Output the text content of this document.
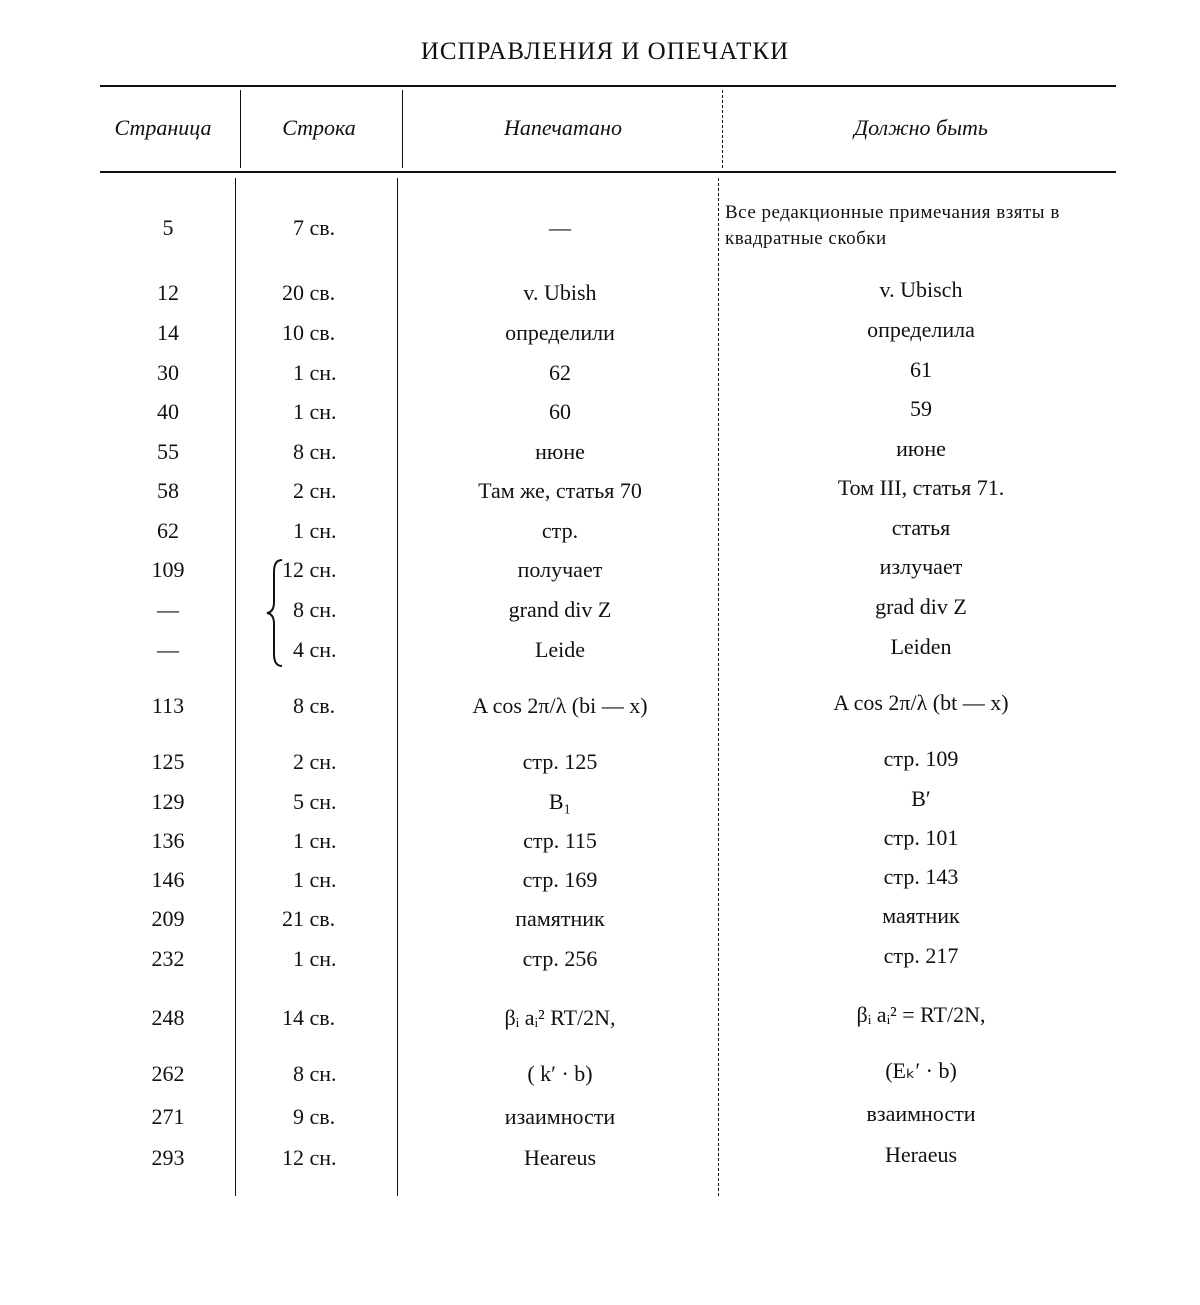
ИСПРАВЛЕНИЯ И ОПЕЧАТКИ
Страница	Строка	Напечатано	Должно быть
5	7 св.	—
Все редакционные примечания взяты в квадратные скобки
12	20 св.	v. Ubish	v. Ubisch
14	10 св.	определили	определила
30	1 сн.	62	61
40	1 сн.	60	59
55	8 сн.	нюне	июне
58	2 сн.	Там же, статья 70	Том III, статья 71.
62	1 сн.	стр.	статья
109	12 сн.	получает	излучает
—	8 сн.	grand div Z	grad div Z
—	4 сн.	Leide	Leiden
113	8 св.	A cos 2π/λ (bi — x)	A cos 2π/λ (bt — x)
125	2 сн.	стр. 125	стр. 109
129	5 сн.	B₁	B′
136	1 сн.	стр. 115	стр. 101
146	1 сн.	стр. 169	стр. 143
209	21 св.	памятник	маятник
232	1 сн.	стр. 256	стр. 217
248	14 св.	βᵢ aᵢ² RT/2N,	βᵢ aᵢ² = RT/2N,
262	8 сн.	( k′ · b)	(Eₖ′ · b)
271	9 св.	изаимности	взаимности
293	12 сн.	Heareus	Heraeus
